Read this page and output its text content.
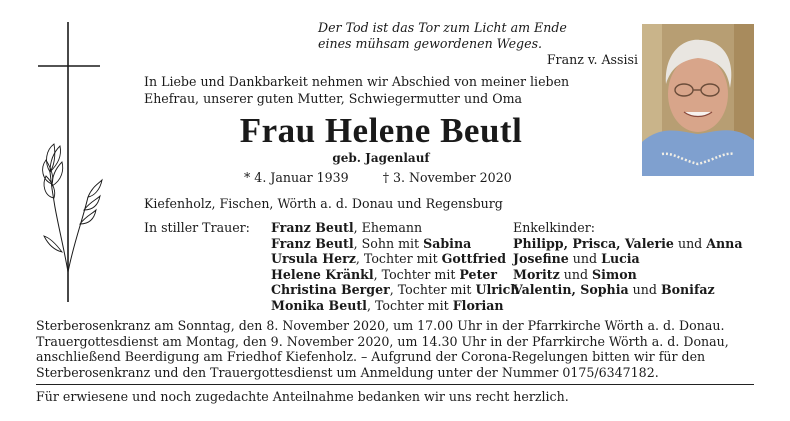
Der Tod ist das Tor zum Licht am Ende
eines mühsam gewordenen Weges.
Franz v. Assisi
In Liebe und Dankbarkeit nehmen wir Abschied von meiner lieben
Ehefrau, unserer guten Mutter, Schwiegermutter und Oma
Frau Helene Beutl
geb. Jagenlauf
* 4. Januar 1939	† 3. November 2020
Kiefenholz, Fischen, Wörth a. d. Donau und Regensburg
In stiller Trauer: Franz Beutl, Ehemann
Franz Beutl, Sohn mit Sabina
Ursula Herz, Tochter mit Gottfried
Helene Kränkl, Tochter mit Peter
Christina Berger, Tochter mit Ulrich
Monika Beutl, Tochter mit Florian
Enkelkinder:
Philipp, Prisca, Valerie und Anna
Josefine und Lucia
Moritz und Simon
Valentin, Sophia und Bonifaz
Sterberosenkranz am Sonntag, den 8. November 2020, um 17.00 Uhr in der Pfarrkirche Wörth a. d. Donau.
Trauergottesdienst am Montag, den 9. November 2020, um 14.30 Uhr in der Pfarrkirche Wörth a. d. Donau,
anschließend Beerdigung am Friedhof Kiefenholz. – Aufgrund der Corona-Regelungen bitten wir für den
Sterberosenkranz und den Trauergottesdienst um Anmeldung unter der Nummer 0175/6347182.
Für erwiesene und noch zugedachte Anteilnahme bedanken wir uns recht herzlich.
